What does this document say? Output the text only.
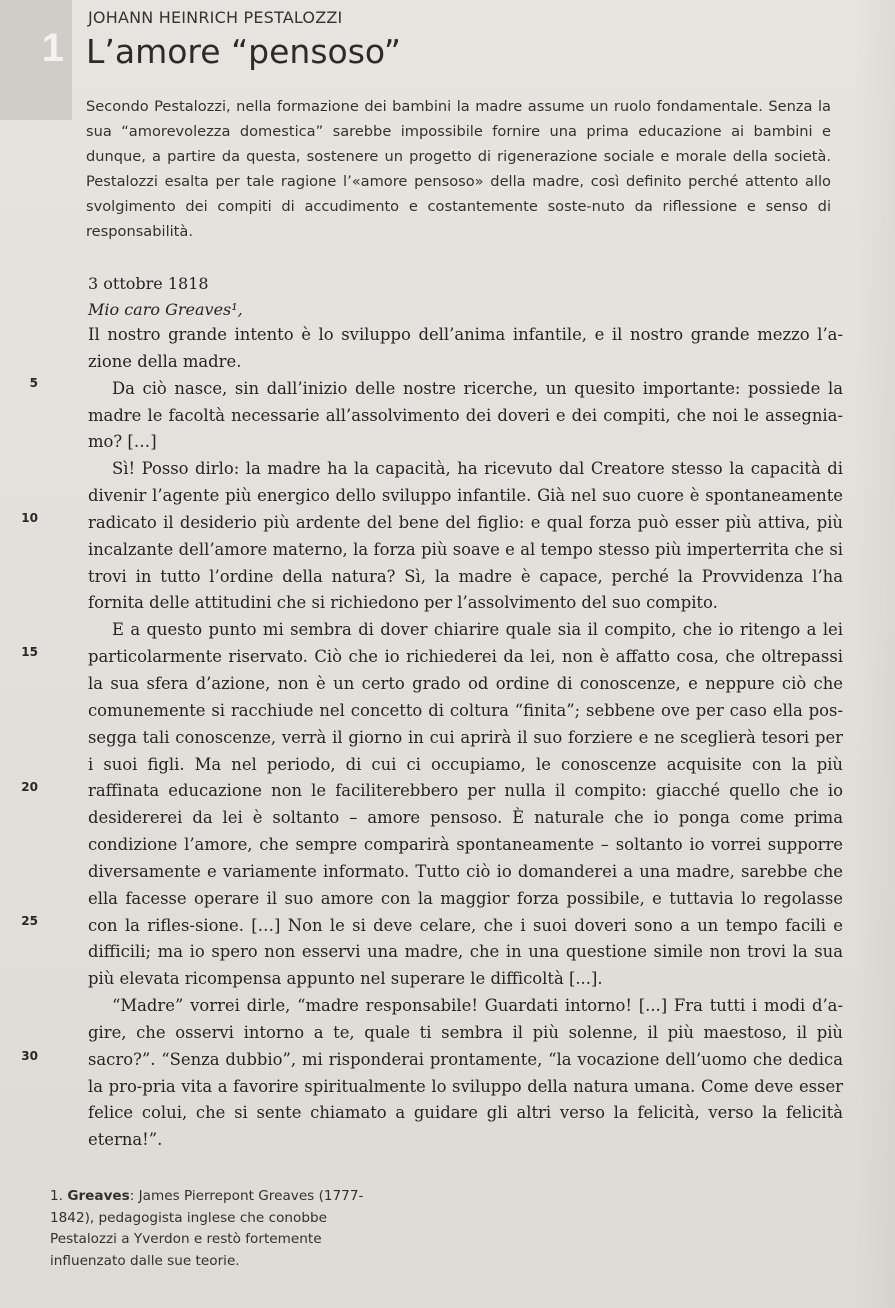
1
JOHANN HEINRICH PESTALOZZI
L’amore “pensoso”
Secondo Pestalozzi, nella formazione dei bambini la madre assume un ruolo fondamentale. Senza la sua “amorevolezza domestica” sarebbe impossibile fornire una prima educazione ai bambini e dunque, a partire da questa, sostenere un progetto di rigenerazione sociale e morale della società. Pestalozzi esalta per tale ragione l’«amore pensoso» della madre, così definito perché attento allo svolgimento dei compiti di accudimento e costantemente soste-nuto da riflessione e senso di responsabilità.
3 ottobre 1818
Mio caro Greaves¹,

Il nostro grande intento è lo sviluppo dell’anima infantile, e il nostro grande mezzo l’a-zione della madre.

Da ciò nasce, sin dall’inizio delle nostre ricerche, un quesito importante: possiede la madre le facoltà necessarie all’assolvimento dei doveri e dei compiti, che noi le assegnia-mo? […]

Sì! Posso dirlo: la madre ha la capacità, ha ricevuto dal Creatore stesso la capacità di divenir l’agente più energico dello sviluppo infantile. Già nel suo cuore è spontaneamente radicato il desiderio più ardente del bene del figlio: e qual forza può esser più attiva, più incalzante dell’amore materno, la forza più soave e al tempo stesso più imperterrita che si trovi in tutto l’ordine della natura? Sì, la madre è capace, perché la Provvidenza l’ha fornita delle attitudini che si richiedono per l’assolvimento del suo compito.

E a questo punto mi sembra di dover chiarire quale sia il compito, che io ritengo a lei particolarmente riservato. Ciò che io richiederei da lei, non è affatto cosa, che oltrepassi la sua sfera d’azione, non è un certo grado od ordine di conoscenze, e neppure ciò che comunemente si racchiude nel concetto di coltura “finita”; sebbene ove per caso ella pos-segga tali conoscenze, verrà il giorno in cui aprirà il suo forziere e ne sceglierà tesori per i suoi figli. Ma nel periodo, di cui ci occupiamo, le conoscenze acquisite con la più raffinata educazione non le faciliterebbero per nulla il compito: giacché quello che io desidererei da lei è soltanto – amore pensoso. È naturale che io ponga come prima condizione l’amore, che sempre comparirà spontaneamente – soltanto io vorrei supporre diversamente e variamente informato. Tutto ciò io domanderei a una madre, sarebbe che ella facesse operare il suo amore con la maggior forza possibile, e tuttavia lo regolasse con la rifles-sione. […] Non le si deve celare, che i suoi doveri sono a un tempo facili e difficili; ma io spero non esservi una madre, che in una questione simile non trovi la sua più elevata ricompensa appunto nel superare le difficoltà [...].

“Madre” vorrei dirle, “madre responsabile! Guardati intorno! [...] Fra tutti i modi d’a-gire, che osservi intorno a te, quale ti sembra il più solenne, il più maestoso, il più sacro?”. “Senza dubbio”, mi risponderai prontamente, “la vocazione dell’uomo che dedica la pro-pria vita a favorire spiritualmente lo sviluppo della natura umana. Come deve esser felice colui, che si sente chiamato a guidare gli altri verso la felicità, verso la felicità eterna!”.

5
10
15
20
25
30
1. Greaves: James Pierrepont Greaves (1777-1842), pedagogista inglese che conobbe Pestalozzi a Yverdon e restò fortemente influenzato dalle sue teorie.
